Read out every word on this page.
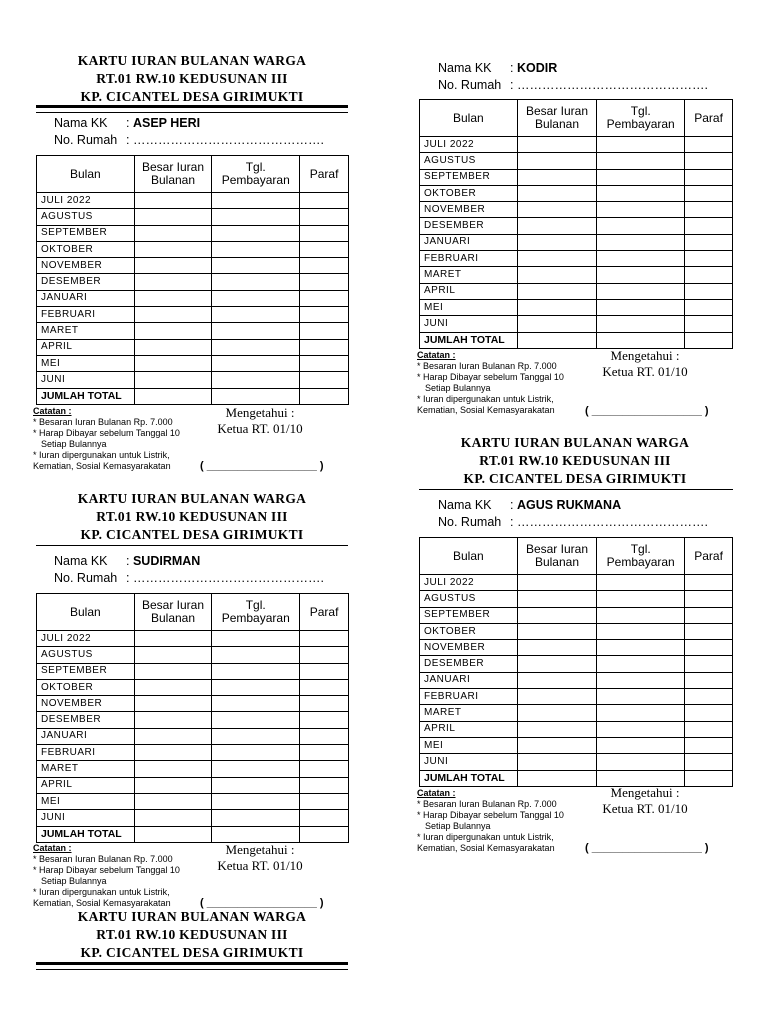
KARTU IURAN BULANAN WARGA
RT.01 RW.10 KEDUSUNAN III
KP. CICANTEL DESA GIRIMUKTI
Nama KK : ASEP HERI
No. Rumah : ……………………………………….
Bulan	Besar Iuran Bulanan	Tgl. Pembayaran	Paraf
JULI 2022			
AGUSTUS			
SEPTEMBER			
OKTOBER			
NOVEMBER			
DESEMBER			
JANUARI			
FEBRUARI			
MARET			
APRIL			
MEI			
JUNI			
JUMLAH TOTAL			
Catatan :
* Besaran Iuran Bulanan Rp. 7.000
* Harap Dibayar sebelum Tanggal 10
Setiap Bulannya
* Iuran dipergunakan untuk Listrik,
Kematian, Sosial Kemasyarakatan
Mengetahui :
Ketua RT. 01/10
( __________________ )
Nama KK : KODIR
No. Rumah : ……………………………………….
Bulan	Besar Iuran Bulanan	Tgl. Pembayaran	Paraf
JULI 2022			
AGUSTUS			
SEPTEMBER			
OKTOBER			
NOVEMBER			
DESEMBER			
JANUARI			
FEBRUARI			
MARET			
APRIL			
MEI			
JUNI			
JUMLAH TOTAL			
Catatan :
* Besaran Iuran Bulanan Rp. 7.000
* Harap Dibayar sebelum Tanggal 10
Setiap Bulannya
* Iuran dipergunakan untuk Listrik,
Kematian, Sosial Kemasyarakatan
Mengetahui :
Ketua RT. 01/10
( __________________ )
KARTU IURAN BULANAN WARGA
RT.01 RW.10 KEDUSUNAN III
KP. CICANTEL DESA GIRIMUKTI
Nama KK : SUDIRMAN
No. Rumah : ……………………………………….
Bulan	Besar Iuran Bulanan	Tgl. Pembayaran	Paraf
JULI 2022			
AGUSTUS			
SEPTEMBER			
OKTOBER			
NOVEMBER			
DESEMBER			
JANUARI			
FEBRUARI			
MARET			
APRIL			
MEI			
JUNI			
JUMLAH TOTAL			
Catatan :
* Besaran Iuran Bulanan Rp. 7.000
* Harap Dibayar sebelum Tanggal 10
Setiap Bulannya
* Iuran dipergunakan untuk Listrik,
Kematian, Sosial Kemasyarakatan
Mengetahui :
Ketua RT. 01/10
( __________________ )
KARTU IURAN BULANAN WARGA
RT.01 RW.10 KEDUSUNAN III
KP. CICANTEL DESA GIRIMUKTI
KARTU IURAN BULANAN WARGA
RT.01 RW.10 KEDUSUNAN III
KP. CICANTEL DESA GIRIMUKTI
Nama KK : AGUS RUKMANA
No. Rumah : ……………………………………….
Bulan	Besar Iuran Bulanan	Tgl. Pembayaran	Paraf
JULI 2022			
AGUSTUS			
SEPTEMBER			
OKTOBER			
NOVEMBER			
DESEMBER			
JANUARI			
FEBRUARI			
MARET			
APRIL			
MEI			
JUNI			
JUMLAH TOTAL			
Catatan :
* Besaran Iuran Bulanan Rp. 7.000
* Harap Dibayar sebelum Tanggal 10
Setiap Bulannya
* Iuran dipergunakan untuk Listrik,
Kematian, Sosial Kemasyarakatan
Mengetahui :
Ketua RT. 01/10
( __________________ )
